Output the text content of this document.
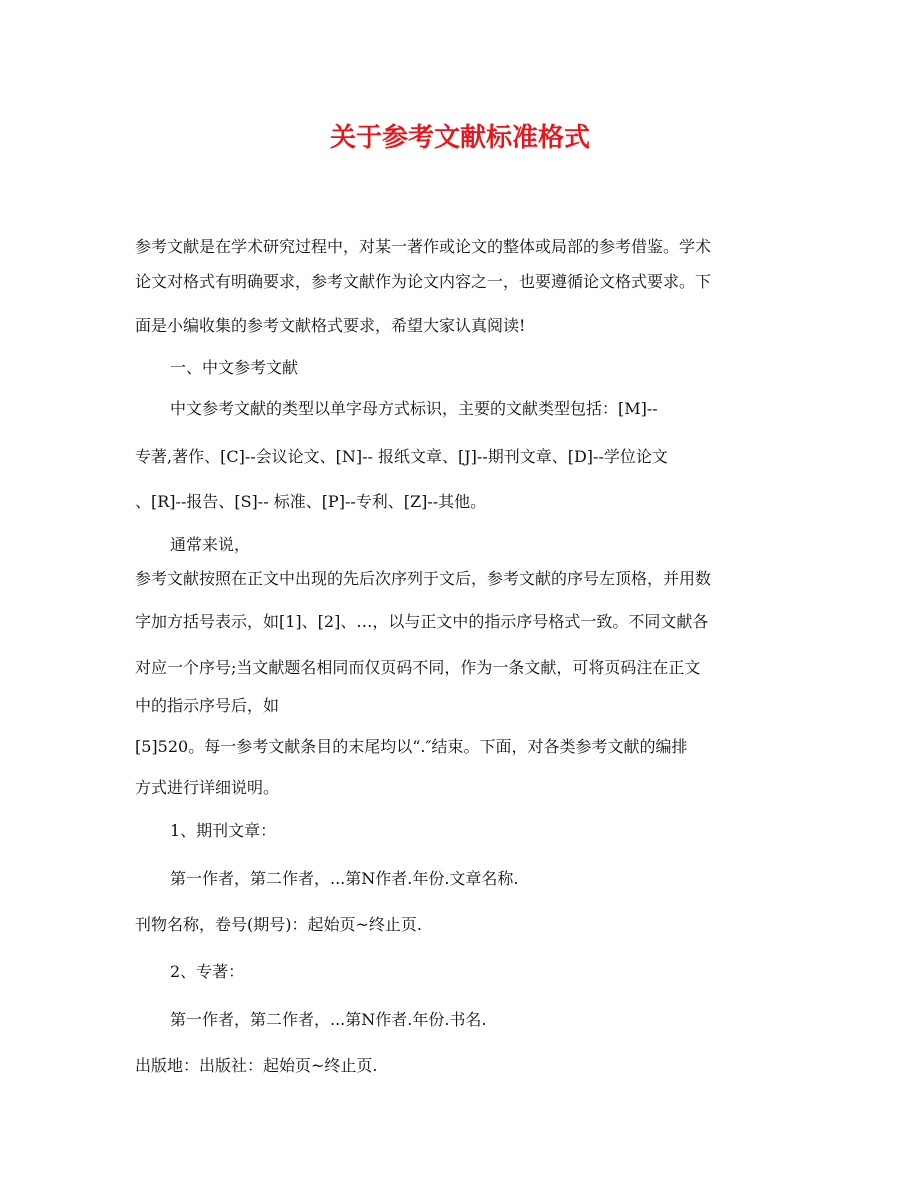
关于参考文献标准格式
参考文献是在学术研究过程中，对某一著作或论文的整体或局部的参考借鉴。学术
论文对格式有明确要求，参考文献作为论文内容之一，也要遵循论文格式要求。下
面是小编收集的参考文献格式要求，希望大家认真阅读!
一、中文参考文献
中文参考文献的类型以单字母方式标识，主要的文献类型包括：[M]--
专著,著作、[C]--会议论文、[N]-- 报纸文章、[J]--期刊文章、[D]--学位论文
、[R]--报告、[S]-- 标准、[P]--专利、[Z]--其他。
通常来说，
参考文献按照在正文中出现的先后次序列于文后，参考文献的序号左顶格，并用数
字加方括号表示，如[1]、[2]、…，以与正文中的指示序号格式一致。不同文献各
对应一个序号;当文献题名相同而仅页码不同，作为一条文献，可将页码注在正文
中的指示序号后，如
[5]520。每一参考文献条目的末尾均以“.″结束。下面，对各类参考文献的编排
方式进行详细说明。
1、期刊文章：
第一作者，第二作者，...第N作者.年份.文章名称.
刊物名称，卷号(期号)：起始页~终止页.
2、专著：
第一作者，第二作者，...第N作者.年份.书名.
出版地：出版社：起始页~终止页.
